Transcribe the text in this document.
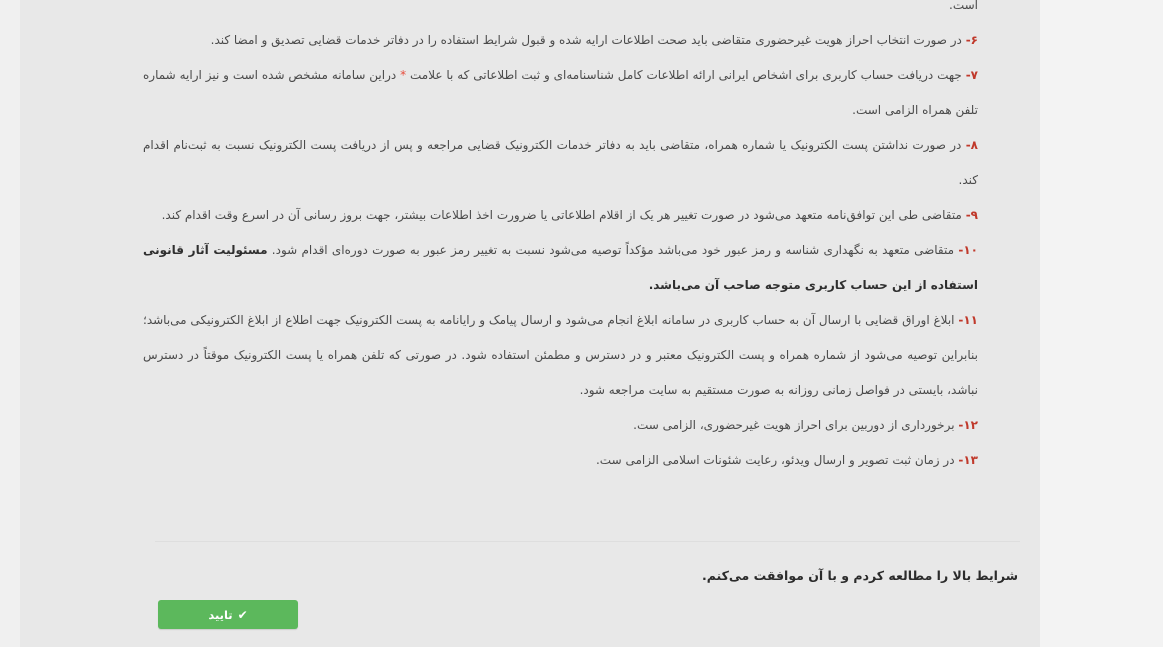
است.

۶- در صورت انتخاب احراز هویت غیرحضوری متقاضی باید صحت اطلاعات ارایه شده و قبول شرایط استفاده را در دفاتر خدمات قضایی تصدیق و امضا کند.

۷- جهت دریافت حساب کاربری برای اشخاص ایرانی ارائه اطلاعات کامل شناسنامه‌ای و ثبت اطلاعاتی که با علامت * دراین سامانه مشخص شده است و نیز ارایه شماره تلفن همراه الزامی است.

۸- در صورت نداشتن پست الکترونیک یا شماره همراه، متقاضی باید به دفاتر خدمات الکترونیک قضایی مراجعه و پس از دریافت پست الکترونیک نسبت به ثبت‌نام اقدام کند.

۹- متقاضی طی این توافق‌نامه متعهد می‌شود در صورت تغییر هر یک از اقلام اطلاعاتی یا ضرورت اخذ اطلاعات بیشتر، جهت بروز رسانی آن در اسرع وقت اقدام کند.

۱۰- متقاضی متعهد به نگهداری شناسه و رمز عبور خود می‌باشد مؤکداً توصیه می‌شود نسبت به تغییر رمز عبور به صورت دوره‌ای اقدام شود. مسئولیت آثار قانونی استفاده از این حساب کاربری متوجه صاحب آن می‌باشد.

۱۱- ابلاغ اوراق قضایی با ارسال آن به حساب کاربری در سامانه ابلاغ انجام می‌شود و ارسال پیامک و رایانامه به پست الکترونیک جهت اطلاع از ابلاغ الکترونیکی می‌باشد؛ بنابراین توصیه می‌شود از شماره همراه و پست الکترونیک معتبر و در دسترس و مطمئن استفاده شود. در صورتی که تلفن همراه یا پست الکترونیک موقتاً در دسترس نباشد، بایستی در فواصل زمانی روزانه به صورت مستقیم به سایت مراجعه شود.

۱۲- برخورداری از دوربین برای احراز هویت غیرحضوری، الزامی ست.

۱۳- در زمان ثبت تصویر و ارسال ویدئو، رعایت شئونات اسلامی الزامی ست.

شرایط بالا را مطالعه کردم و با آن موافقت می‌کنم.
✔
تایید
